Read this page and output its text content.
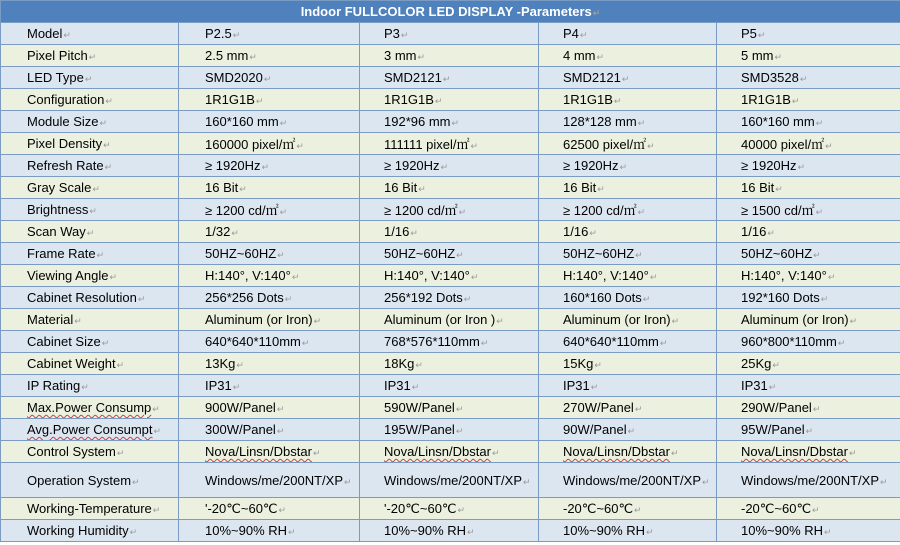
Indoor FULLCOLOR LED DISPLAY -Parameters↵				
Model↵	P2.5↵	P3↵	P4↵	P5↵
Pixel Pitch↵	2.5 mm↵	3 mm↵	4 mm↵	5 mm↵
LED Type↵	SMD2020↵	SMD2121↵	SMD2121↵	SMD3528↵
Configuration↵	1R1G1B↵	1R1G1B↵	1R1G1B↵	1R1G1B↵
Module Size↵	160*160 mm↵	192*96 mm↵	128*128 mm↵	160*160 mm↵
Pixel Density↵	160000 pixel/㎡↵	111111 pixel/㎡↵	62500 pixel/㎡↵	40000 pixel/㎡↵
Refresh Rate↵	≥ 1920Hz↵	≥ 1920Hz↵	≥ 1920Hz↵	≥ 1920Hz↵
Gray Scale↵	16 Bit↵	16 Bit↵	16 Bit↵	16 Bit↵
Brightness↵	≥ 1200 cd/㎡↵	≥ 1200 cd/㎡↵	≥ 1200 cd/㎡↵	≥ 1500 cd/㎡↵
Scan Way↵	1/32↵	1/16↵	1/16↵	1/16↵
Frame Rate↵	50HZ~60HZ↵	50HZ~60HZ↵	50HZ~60HZ↵	50HZ~60HZ↵
Viewing Angle↵	H:140°, V:140°↵	H:140°, V:140°↵	H:140°, V:140°↵	H:140°, V:140°↵
Cabinet Resolution↵	256*256 Dots↵	256*192 Dots↵	160*160 Dots↵	192*160 Dots↵
Material↵	Aluminum (or Iron)↵	Aluminum (or Iron )↵	Aluminum (or Iron)↵	Aluminum (or Iron)↵
Cabinet Size↵	640*640*110mm↵	768*576*110mm↵	640*640*110mm↵	960*800*110mm↵
Cabinet Weight↵	13Kg↵	18Kg↵	15Kg↵	25Kg↵
IP Rating↵	IP31↵	IP31↵	IP31↵	IP31↵
Max.Power Consump↵	900W/Panel↵	590W/Panel↵	270W/Panel↵	290W/Panel↵
Avg.Power Consumpt↵	300W/Panel↵	195W/Panel↵	90W/Panel↵	95W/Panel↵
Control System↵	Nova/Linsn/Dbstar↵	Nova/Linsn/Dbstar↵	Nova/Linsn/Dbstar↵	Nova/Linsn/Dbstar↵
Operation System↵	Windows/me/200NT/XP↵	Windows/me/200NT/XP↵	Windows/me/200NT/XP↵	Windows/me/200NT/XP↵
Working-Temperature↵	'-20℃~60℃↵	'-20℃~60℃↵	-20℃~60℃↵	-20℃~60℃↵
Working Humidity↵	10%~90% RH↵	10%~90% RH↵	10%~90% RH↵	10%~90% RH↵
